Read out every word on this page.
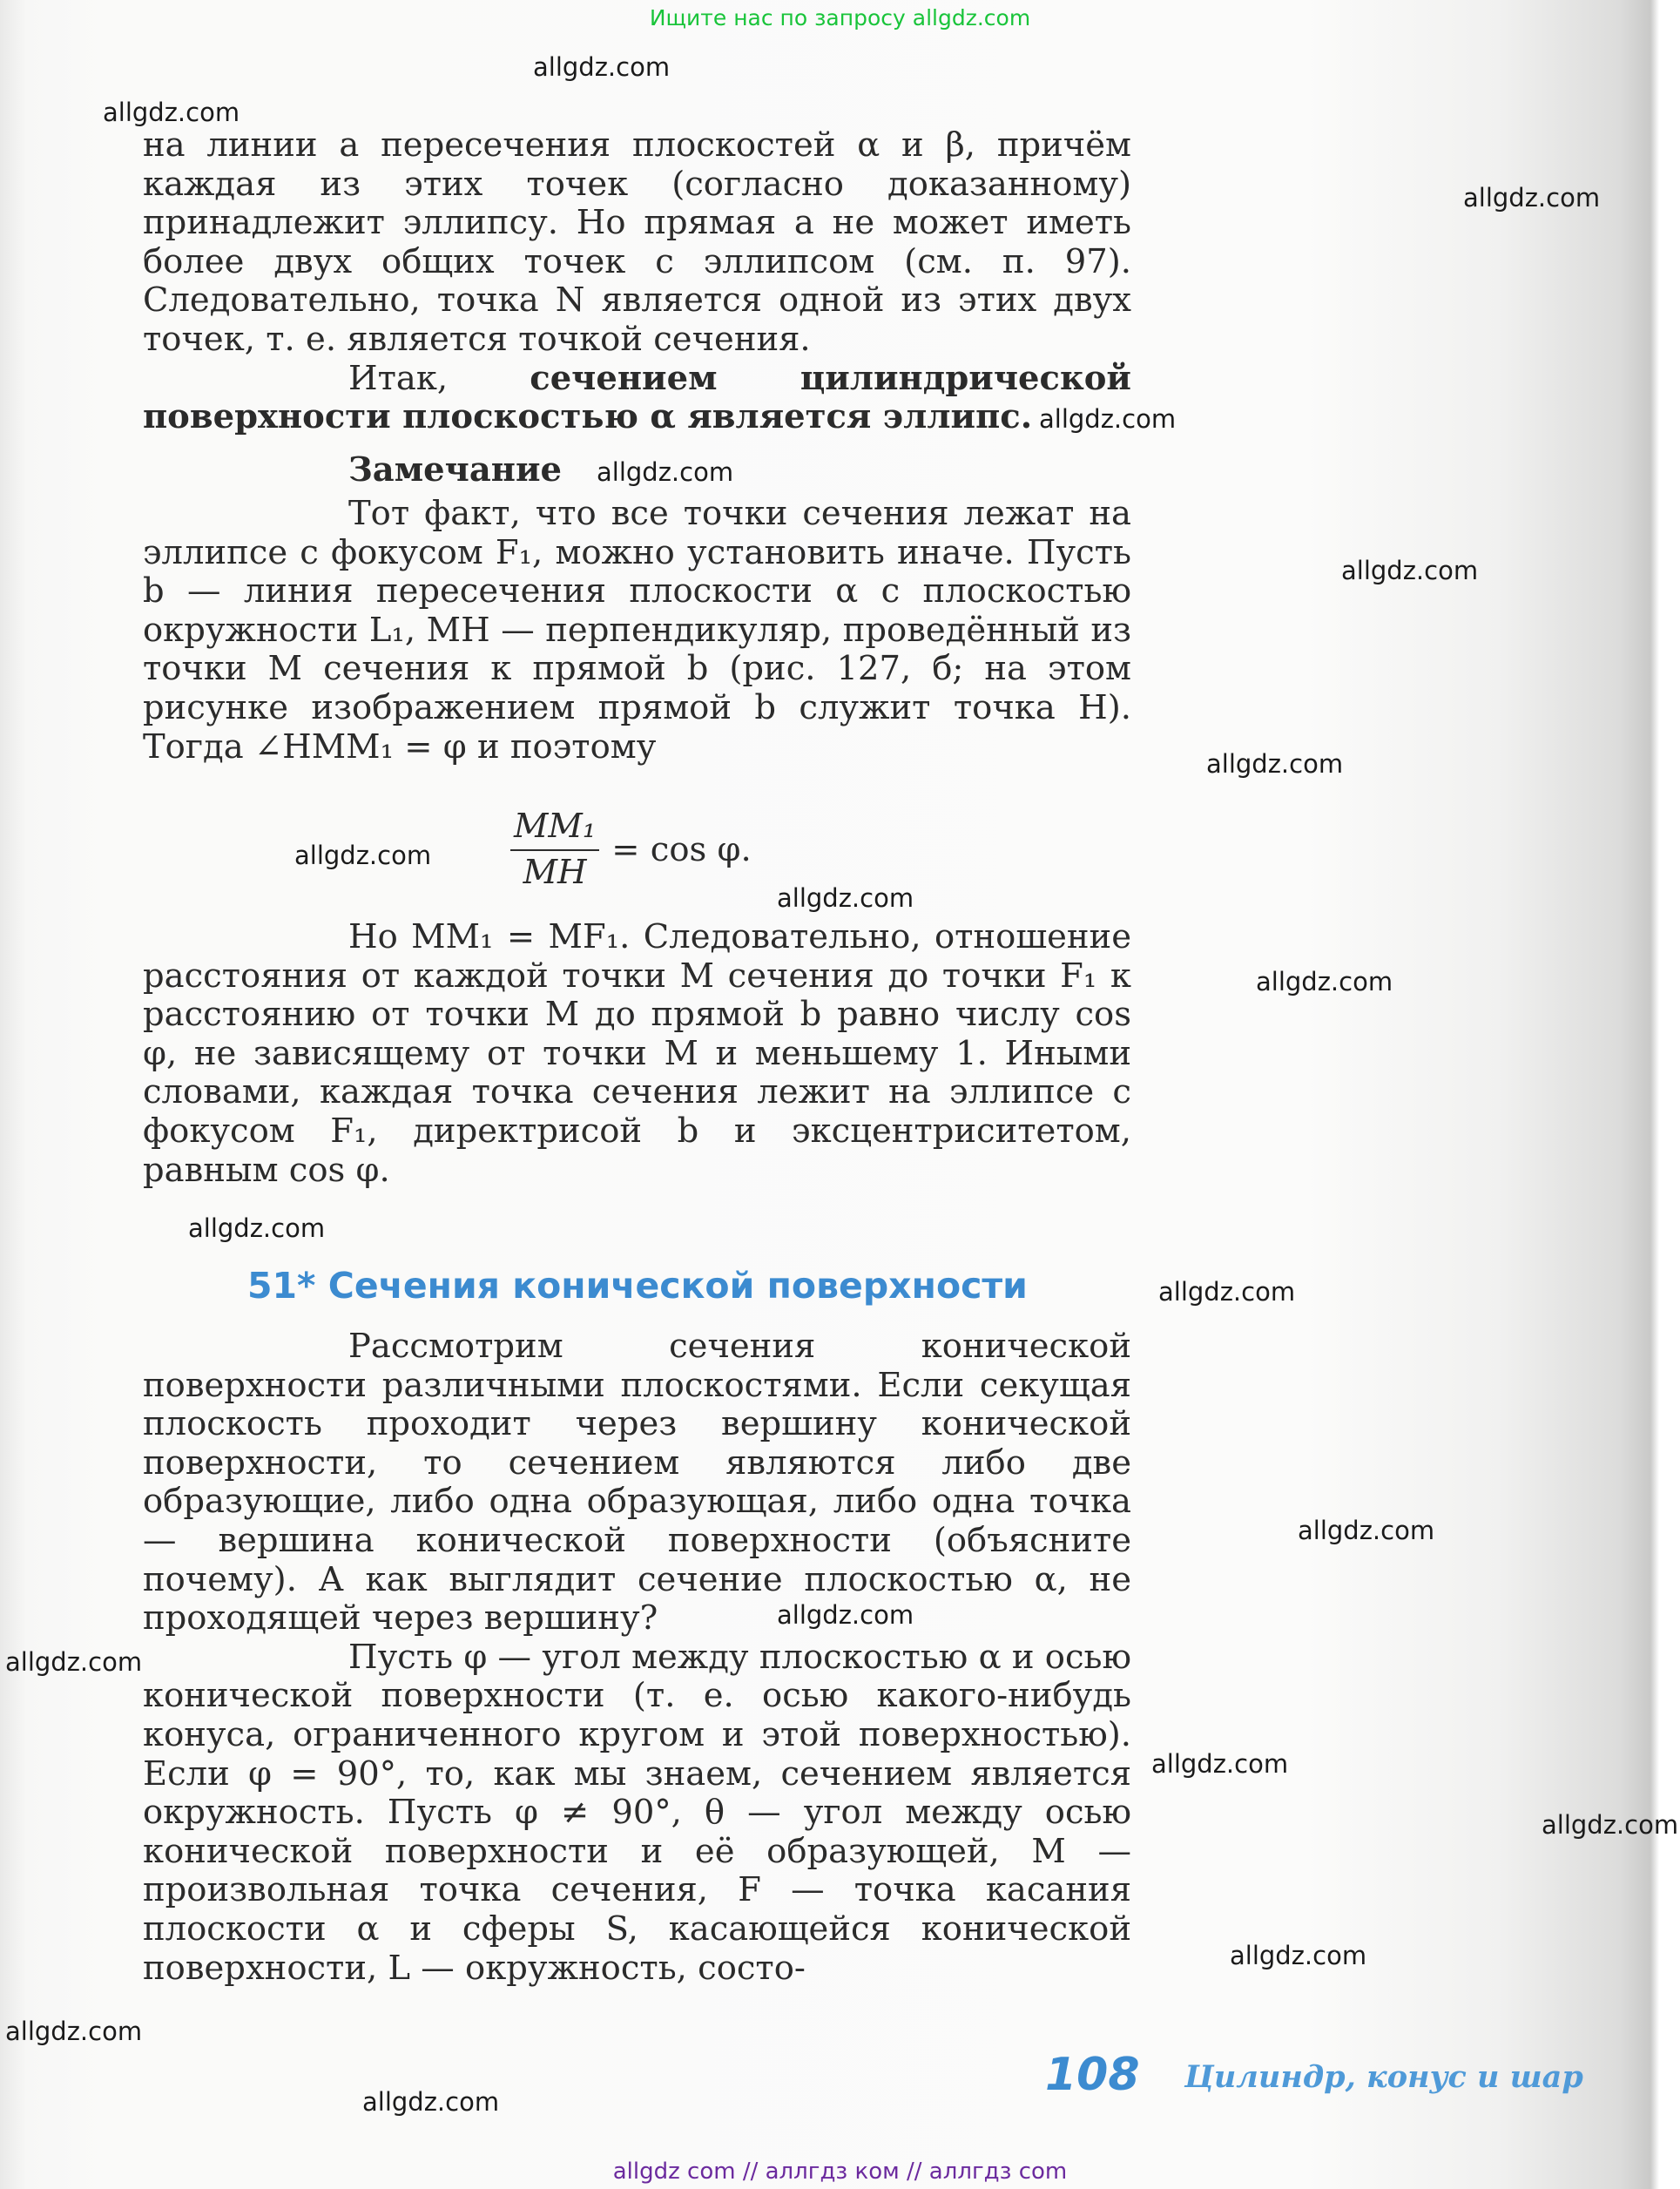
Ищите нас по запросу allgdz.com

на линии a пересечения плоскостей α и β, причём каждая из этих точек (согласно доказанному) принадлежит эллипсу. Но прямая a не может иметь более двух общих точек с эллипсом (см. п. 97). Следовательно, точка N является одной из этих двух точек, т. е. является точкой сечения.

Итак, сечением цилиндрической поверхности плоскостью α является эллипс.

Замечание

Тот факт, что все точки сечения лежат на эллипсе с фокусом F₁, можно установить иначе. Пусть b — линия пересечения плоскости α с плоскостью окружности L₁, MH — перпендикуляр, проведённый из точки M сечения к прямой b (рис. 127, б; на этом рисунке изображением прямой b служит точка H). Тогда ∠HMM₁ = φ и поэтому

$\frac{\text{MM₁}}{MH} = \cos \varphi$.

Но MM₁ = MF₁. Следовательно, отношение расстояния от каждой точки M сечения до точки F₁ к расстоянию от точки M до прямой b равно числу cos φ, не зависящему от точки M и меньшему 1. Иными словами, каждая точка сечения лежит на эллипсе с фокусом F₁, директрисой b и эксцентриситетом, равным cos φ.

51* Сечения конической поверхности

Рассмотрим сечения конической поверхности различными плоскостями. Если секущая плоскость проходит через вершину конической поверхности, то сечением являются либо две образующие, либо одна образующая, либо одна точка — вершина конической поверхности (объясните почему). А как выглядит сечение плоскостью α, не проходящей через вершину?

Пусть φ — угол между плоскостью α и осью конической поверхности (т. е. осью какого-нибудь конуса, ограниченного кругом и этой поверхностью). Если φ = 90°, то, как мы знаем, сечением является окружность. Пусть φ ≠ 90°, θ — угол между осью конической поверхности и её образующей, M — произвольная точка сечения, F — точка касания плоскости α и сферы S, касающейся конической поверхности, L — окружность, состо-

108 Цилиндр, конус и шар
allgdz.com
allgdz.com
allgdz.com
allgdz.com
allgdz.com
allgdz.com
allgdz.com
allgdz.com
allgdz.com
allgdz.com
allgdz.com
allgdz.com
allgdz.com
allgdz.com
allgdz.com
allgdz.com
allgdz.com
allgdz.com
allgdz.com
allgdz.com
allgdz com // аллгдз ком // аллгдз com
